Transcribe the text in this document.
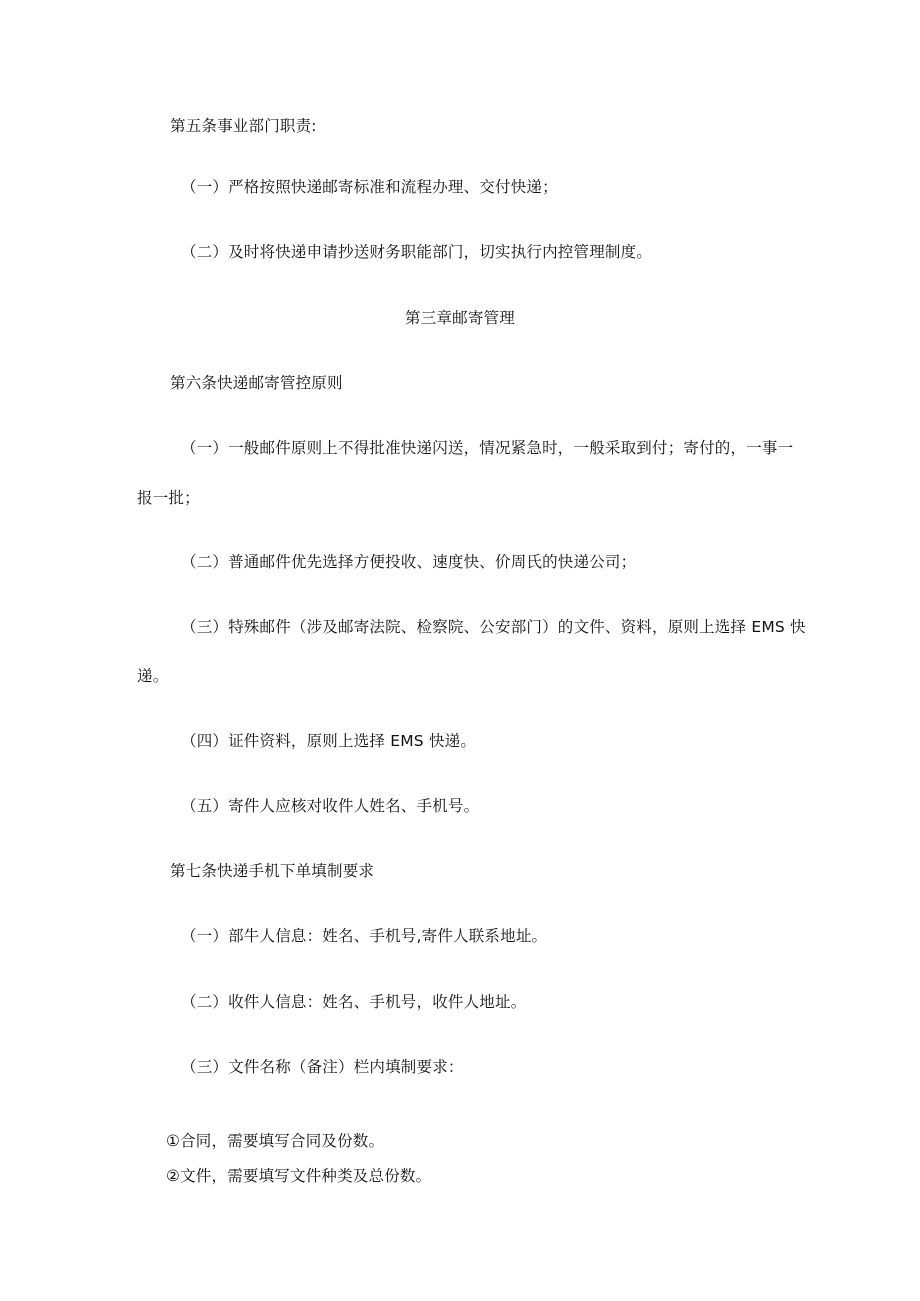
第五条事业部门职责:

（一）严格按照快递邮寄标准和流程办理、交付快递；

（二）及时将快递申请抄送财务职能部门，切实执行内控管理制度。

第三章邮寄管理

第六条快递邮寄管控原则

（一）一般邮件原则上不得批准快递闪送，情况紧急时，一般采取到付；寄付的，一事一

报一批；

（二）普通邮件优先选择方便投收、速度快、价周氏的快递公司；

（三）特殊邮件（涉及邮寄法院、检察院、公安部门）的文件、资料，原则上选择 EMS 快

递。

（四）证件资料，原则上选择 EMS 快递。

（五）寄件人应核对收件人姓名、手机号。

第七条快递手机下单填制要求

（一）部牛人信息：姓名、手机号,寄件人联系地址。

（二）收件人信息：姓名、手机号，收件人地址。

（三）文件名称（备注）栏内填制要求：

①合同，需要填写合同及份数。

②文件，需要填写文件种类及总份数。
